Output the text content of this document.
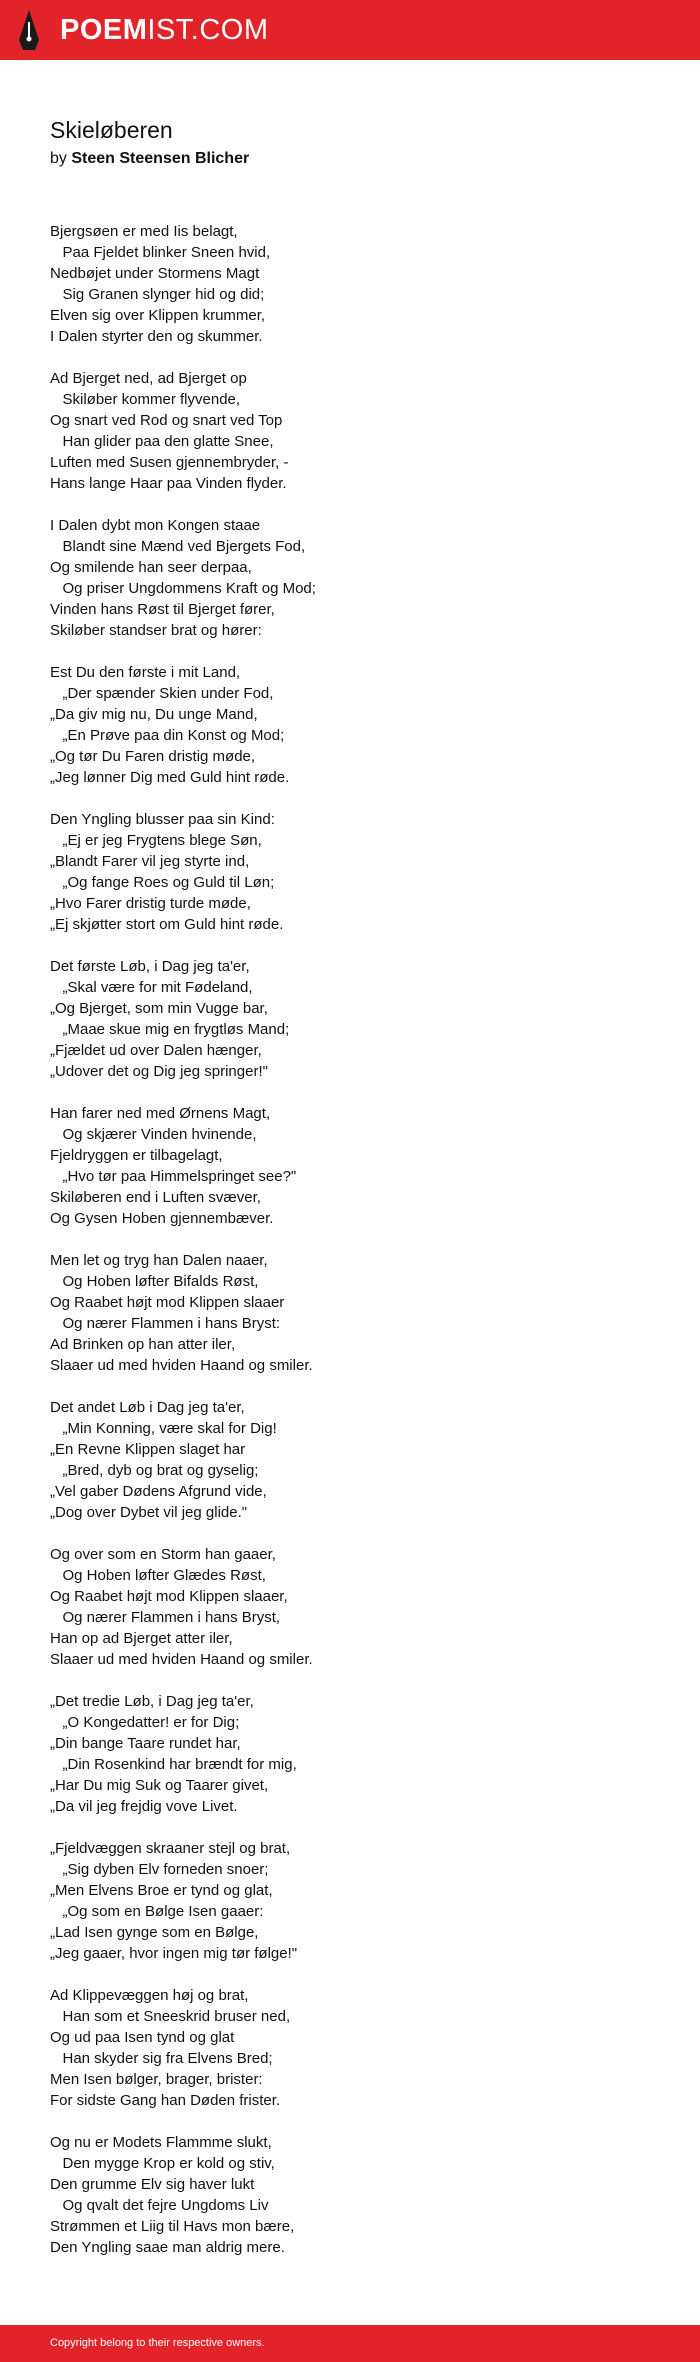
POEMIST.COM
Skieløberen
by Steen Steensen Blicher
Bjergsøen er med Iis belagt,
Paa Fjeldet blinker Sneen hvid,
Nedbøjet under Stormens Magt
Sig Granen slynger hid og did;
Elven sig over Klippen krummer,
I Dalen styrter den og skummer.
Ad Bjerget ned, ad Bjerget op
Skiløber kommer flyvende,
Og snart ved Rod og snart ved Top
Han glider paa den glatte Snee,
Luften med Susen gjennembryder, -
Hans lange Haar paa Vinden flyder.
I Dalen dybt mon Kongen staae
Blandt sine Mænd ved Bjergets Fod,
Og smilende han seer derpaa,
Og priser Ungdommens Kraft og Mod;
Vinden hans Røst til Bjerget fører,
Skiløber standser brat og hører:
Est Du den første i mit Land,
„Der spænder Skien under Fod,
„Da giv mig nu, Du unge Mand,
„En Prøve paa din Konst og Mod;
„Og tør Du Faren dristig møde,
„Jeg lønner Dig med Guld hint røde.
Den Yngling blusser paa sin Kind:
„Ej er jeg Frygtens blege Søn,
„Blandt Farer vil jeg styrte ind,
„Og fange Roes og Guld til Løn;
„Hvo Farer dristig turde møde,
„Ej skjøtter stort om Guld hint røde.
Det første Løb, i Dag jeg ta'er,
„Skal være for mit Fødeland,
„Og Bjerget, som min Vugge bar,
„Maae skue mig en frygtløs Mand;
„Fjældet ud over Dalen hænger,
„Udover det og Dig jeg springer!"
Han farer ned med Ørnens Magt,
Og skjærer Vinden hvinende,
Fjeldryggen er tilbagelagt,
„Hvo tør paa Himmelspringet see?"
Skiløberen end i Luften svæver,
Og Gysen Hoben gjennembæver.
Men let og tryg han Dalen naaer,
Og Hoben løfter Bifalds Røst,
Og Raabet højt mod Klippen slaaer
Og nærer Flammen i hans Bryst:
Ad Brinken op han atter iler,
Slaaer ud med hviden Haand og smiler.
Det andet Løb i Dag jeg ta'er,
„Min Konning, være skal for Dig!
„En Revne Klippen slaget har
„Bred, dyb og brat og gyselig;
„Vel gaber Dødens Afgrund vide,
„Dog over Dybet vil jeg glide."
Og over som en Storm han gaaer,
Og Hoben løfter Glædes Røst,
Og Raabet højt mod Klippen slaaer,
Og nærer Flammen i hans Bryst,
Han op ad Bjerget atter iler,
Slaaer ud med hviden Haand og smiler.
„Det tredie Løb, i Dag jeg ta'er,
„O Kongedatter! er for Dig;
„Din bange Taare rundet har,
„Din Rosenkind har brændt for mig,
„Har Du mig Suk og Taarer givet,
„Da vil jeg frejdig vove Livet.
„Fjeldvæggen skraaner stejl og brat,
„Sig dyben Elv forneden snoer;
„Men Elvens Broe er tynd og glat,
„Og som en Bølge Isen gaaer:
„Lad Isen gynge som en Bølge,
„Jeg gaaer, hvor ingen mig tør følge!"
Ad Klippevæggen høj og brat,
Han som et Sneeskrid bruser ned,
Og ud paa Isen tynd og glat
Han skyder sig fra Elvens Bred;
Men Isen bølger, brager, brister:
For sidste Gang han Døden frister.
Og nu er Modets Flammme slukt,
Den mygge Krop er kold og stiv,
Den grumme Elv sig haver lukt
Og qvalt det fejre Ungdoms Liv
Strømmen et Liig til Havs mon bære,
Den Yngling saae man aldrig mere.
Copyright belong to their respective owners.
